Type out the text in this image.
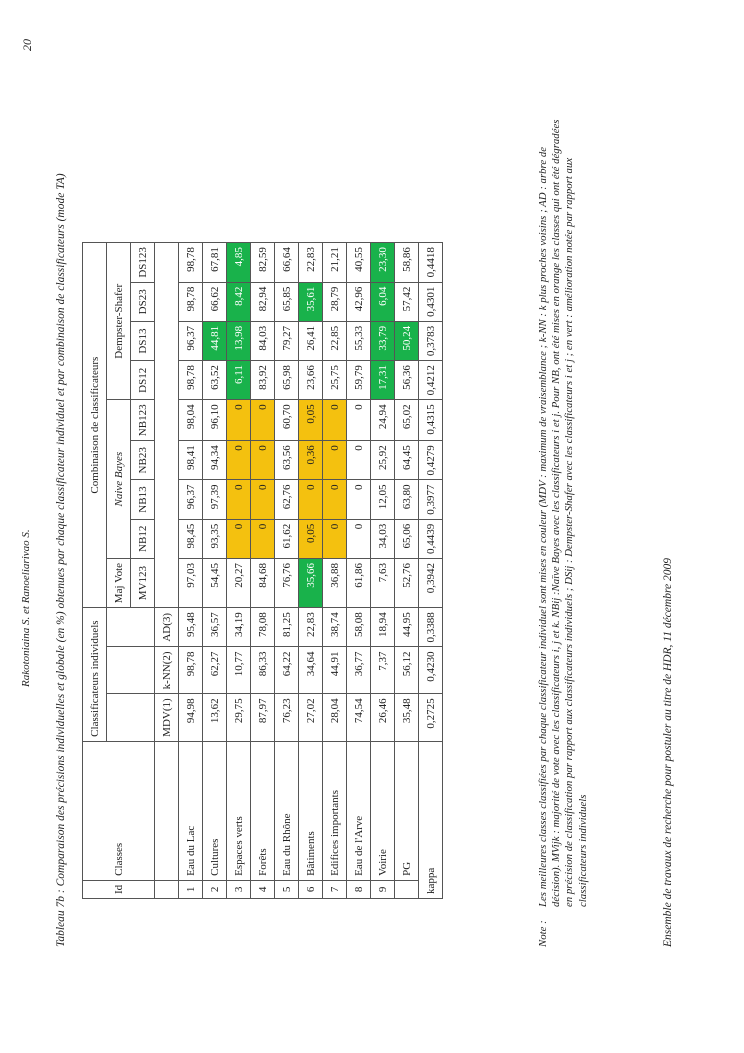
Rakotoniaina S. et Ranoeliarivao S.
20
Tableau 7b : Comparaison des précisions individuelles et globale (en %) obtenues par chaque classificateur individuel et par combinaison de classificateurs (mode TA)	Id	Classes	Classificateurs individuels			Combinaison de classificateurs								
					Maj Vote	Naive Bayes				Dempster-Shafer			
					MV123	NB12	NB13	NB23	NB123	DS12	DS13	DS23	DS123
		MDV(1)	k-NN(2)	AD(3)									
1	Eau du Lac	94,98	98,78	95,48	97,03	98,45	96,37	98,41	98,04	98,78	96,37	98,78	98,78
2	Cultures	13,62	62,27	36,57	54,45	93,35	97,39	94,34	96,10	63,52	44,81	66,62	67,81
3	Espaces verts	29,75	10,77	34,19	20,27	0	0	0	0	6,11	13,98	8,42	4,85
4	Forêts	87,97	86,33	78,08	84,68	0	0	0	0	83,92	84,03	82,94	82,59
5	Eau du Rhône	76,23	64,22	81,25	76,76	61,62	62,76	63,56	60,70	65,98	79,27	65,85	66,64
6	Bâtiments	27,02	34,64	22,83	35,66	0,05	0	0,36	0,05	23,66	26,41	35,61	22,83
7	Edifices importants	28,04	44,91	38,74	36,88	0	0	0	0	25,75	22,85	28,79	21,21
8	Eau de l'Arve	74,54	36,77	58,08	61,86	0	0	0	0	59,79	55,33	42,96	40,55
9	Voirie	26,46	7,37	18,94	7,63	34,03	12,05	25,92	24,94	17,31	33,79	6,04	23,30
	PG	35,48	56,12	44,95	52,76	65,06	63,80	64,45	65,02	56,36	50,24	57,42	58,86
kappa		0,2725	0,4230	0,3388	0,3942	0,4439	0,3977	0,4279	0,4315	0,4212	0,3783	0,4301	0,4418
Note :Les meilleures classes classifiées par chaque classificateur individuel sont mises en couleur (MDV : maximum de vraisemblance ; k-NN : k plus proches voisins ; AD : arbre de décision). MVijk : majorité de vote avec les classificateurs i, j et k. NBij :Naïve Bayes avec les classificateurs i et j. Pour NB, ont été mises en orange les classes qui ont été dégradées en précision de classification par rapport aux classificateurs individuels ; DSij : Dempster-Shafer avec les classificateurs i et j ; en vert : amélioration notée par rapport aux classificateurs individuels	Ensemble de travaux de recherche pour postuler au titre de HDR, 11 décembre 2009
